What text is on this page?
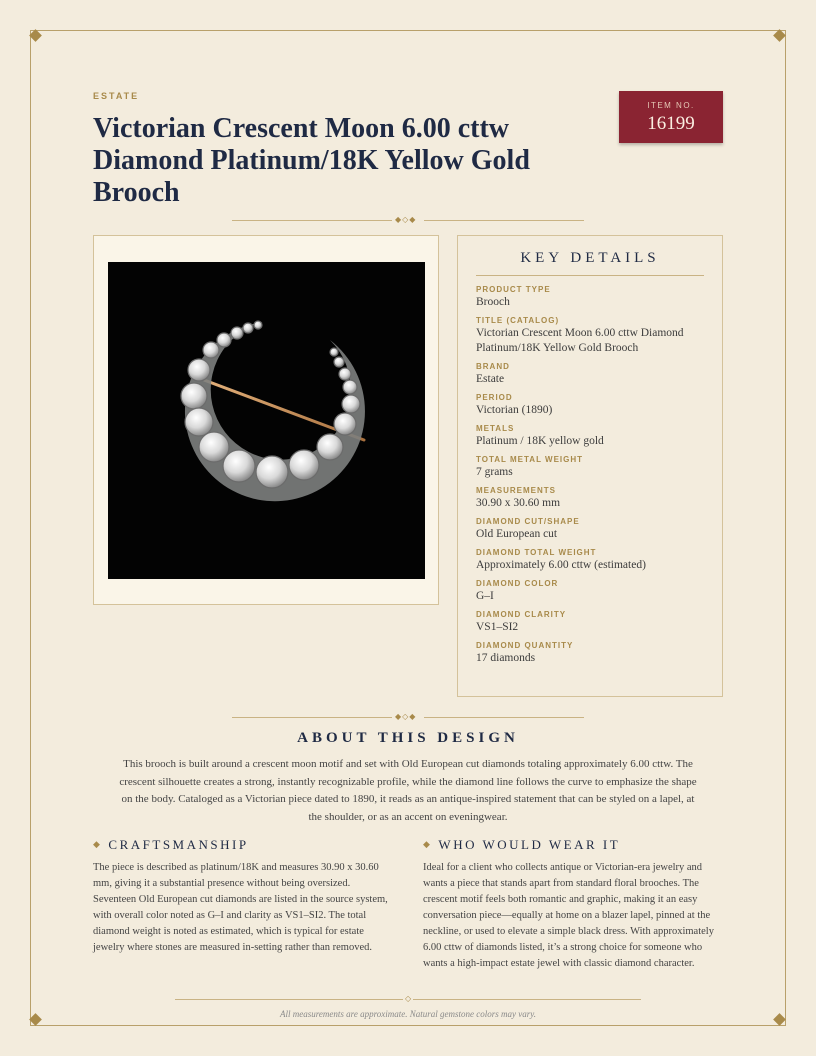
ESTATE
Victorian Crescent Moon 6.00 cttw Diamond Platinum/18K Yellow Gold Brooch
ITEM NO.
16199
◆◇◆
KEY DETAILS
PRODUCT TYPE
Brooch
TITLE (CATALOG)
Victorian Crescent Moon 6.00 cttw Diamond Platinum/18K Yellow Gold Brooch
BRAND
Estate
PERIOD
Victorian (1890)
METALS
Platinum / 18K yellow gold
TOTAL METAL WEIGHT
7 grams
MEASUREMENTS
30.90 x 30.60 mm
DIAMOND CUT/SHAPE
Old European cut
DIAMOND TOTAL WEIGHT
Approximately 6.00 cttw (estimated)
DIAMOND COLOR
G–I
DIAMOND CLARITY
VS1–SI2
DIAMOND QUANTITY
17 diamonds
◆◇◆
ABOUT THIS DESIGN

This brooch is built around a crescent moon motif and set with Old European cut diamonds totaling approximately 6.00 cttw. The crescent silhouette creates a strong, instantly recognizable profile, while the diamond line follows the curve to emphasize the shape on the body. Cataloged as a Victorian piece dated to 1890, it reads as an antique-inspired statement that can be styled on a lapel, at the shoulder, or as an accent on eveningwear.

◆ CRAFTSMANSHIP

The piece is described as platinum/18K and measures 30.90 x 30.60 mm, giving it a substantial presence without being oversized. Seventeen Old European cut diamonds are listed in the source system, with overall color noted as G–I and clarity as VS1–SI2. The total diamond weight is noted as estimated, which is typical for estate jewelry where stones are measured in-setting rather than removed.

◆ WHO WOULD WEAR IT

Ideal for a client who collects antique or Victorian-era jewelry and wants a piece that stands apart from standard floral brooches. The crescent motif feels both romantic and graphic, making it an easy conversation piece—equally at home on a blazer lapel, pinned at the neckline, or used to elevate a simple black dress. With approximately 6.00 cttw of diamonds listed, it’s a strong choice for someone who wants a high-impact estate jewel with classic diamond character.

◇
All measurements are approximate. Natural gemstone colors may vary.
